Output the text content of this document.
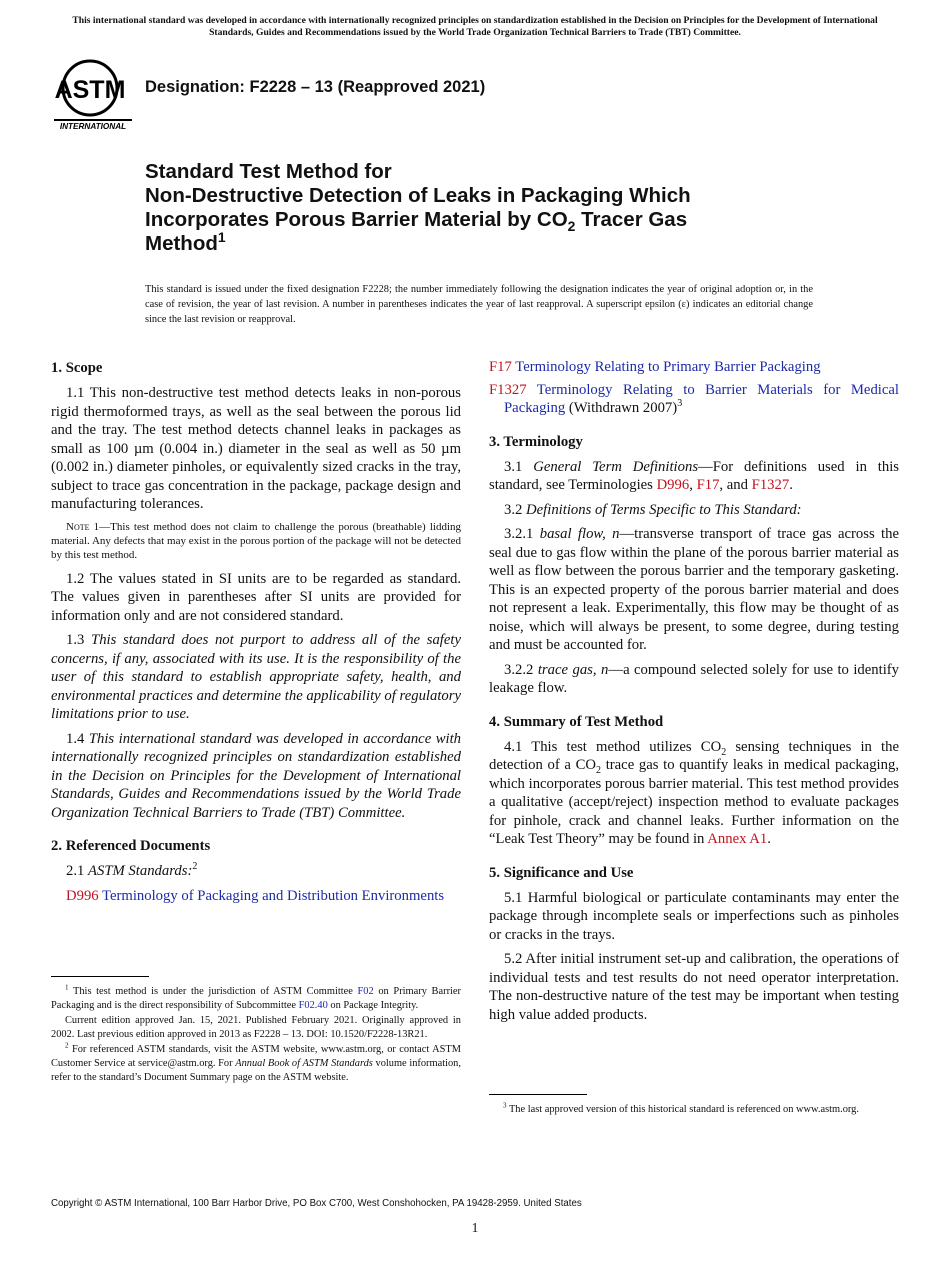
This international standard was developed in accordance with internationally recognized principles on standardization established in the Decision on Principles for the Development of International Standards, Guides and Recommendations issued by the World Trade Organization Technical Barriers to Trade (TBT) Committee.
ASTM
INTERNATIONAL
Designation: F2228 – 13 (Reapproved 2021)
Standard Test Method for
Non-Destructive Detection of Leaks in Packaging Which
Incorporates Porous Barrier Material by $CO_2$ Tracer Gas
Method$^1$
This standard is issued under the fixed designation F2228; the number immediately following the designation indicates the year of original adoption or, in the case of revision, the year of last revision. A number in parentheses indicates the year of last reapproval. A superscript epsilon (ε) indicates an editorial change since the last revision or reapproval.
1. Scope

1.1 This non-destructive test method detects leaks in non-porous rigid thermoformed trays, as well as the seal between the porous lid and the tray. The test method detects channel leaks in packages as small as 100 µm (0.004 in.) diameter in the seal as well as 50 µm (0.002 in.) diameter pinholes, or equivalently sized cracks in the tray, subject to trace gas concentration in the package, package design and manufacturing tolerances.

Note 1—This test method does not claim to challenge the porous (breathable) lidding material. Any defects that may exist in the porous portion of the package will not be detected by this test method.

1.2 The values stated in SI units are to be regarded as standard. The values given in parentheses after SI units are provided for information only and are not considered standard.

1.3 This standard does not purport to address all of the safety concerns, if any, associated with its use. It is the responsibility of the user of this standard to establish appropriate safety, health, and environmental practices and determine the applicability of regulatory limitations prior to use.

1.4 This international standard was developed in accordance with internationally recognized principles on standardization established in the Decision on Principles for the Development of International Standards, Guides and Recommendations issued by the World Trade Organization Technical Barriers to Trade (TBT) Committee.

2. Referenced Documents

2.1 ASTM Standards:$^2$

D996 Terminology of Packaging and Distribution Environments

$^1$ This test method is under the jurisdiction of ASTM Committee F02 on Primary Barrier Packaging and is the direct responsibility of Subcommittee F02.40 on Package Integrity.

Current edition approved Jan. 15, 2021. Published February 2021. Originally approved in 2002. Last previous edition approved in 2013 as F2228 – 13. DOI: 10.1520/F2228-13R21.

$^2$ For referenced ASTM standards, visit the ASTM website, www.astm.org, or contact ASTM Customer Service at service@astm.org. For Annual Book of ASTM Standards volume information, refer to the standard’s Document Summary page on the ASTM website.

F17 Terminology Relating to Primary Barrier Packaging
F1327 Terminology Relating to Barrier Materials for Medical Packaging (Withdrawn 2007)$^3$
3. Terminology

3.1 General Term Definitions—For definitions used in this standard, see Terminologies D996, F17, and F1327.

3.2 Definitions of Terms Specific to This Standard:

3.2.1 basal flow, n—transverse transport of trace gas across the seal due to gas flow within the plane of the porous barrier material as well as flow between the porous barrier and the temporary gasketing. This is an expected property of the porous barrier material and does not represent a leak. Experimentally, this flow may be thought of as noise, which will always be present, to some degree, during testing and must be accounted for.

3.2.2 trace gas, n—a compound selected solely for use to identify leakage flow.

4. Summary of Test Method

4.1 This test method utilizes $CO_2$ sensing techniques in the detection of a $CO_2$ trace gas to quantify leaks in medical packaging, which incorporates porous barrier material. This test method provides a qualitative (accept/reject) inspection method to evaluate packages for pinhole, crack and channel leaks. Further information on the “Leak Test Theory” may be found in Annex A1.

5. Significance and Use

5.1 Harmful biological or particulate contaminants may enter the package through incomplete seals or imperfections such as pinholes or cracks in the trays.

5.2 After initial instrument set-up and calibration, the operations of individual tests and test results do not need operator interpretation. The non-destructive nature of the test may be important when testing high value added products.

$^3$ The last approved version of this historical standard is referenced on www.astm.org.

Copyright © ASTM International, 100 Barr Harbor Drive, PO Box C700, West Conshohocken, PA 19428-2959. United States
1
